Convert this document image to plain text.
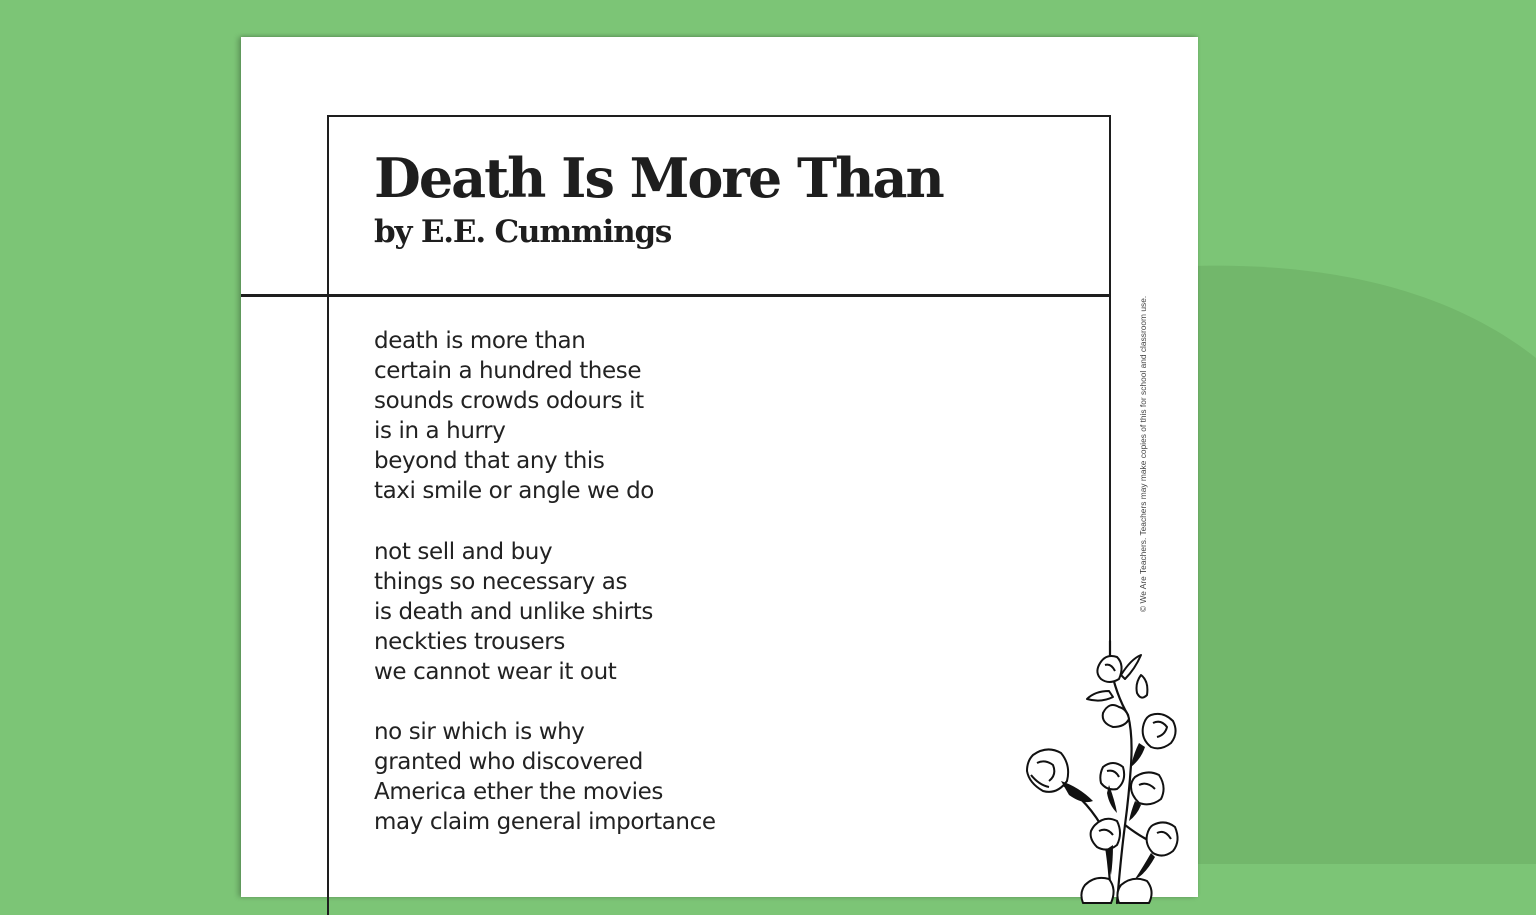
Death Is More Than
by E.E. Cummings
death is more than
certain a hundred these
sounds crowds odours it
is in a hurry
beyond that any this
taxi smile or angle we do
not sell and buy
things so necessary as
is death and unlike shirts
neckties trousers
we cannot wear it out
no sir which is why
granted who discovered
America ether the movies
may claim general importance
© We Are Teachers. Teachers may make copies of this for school and classroom use.
